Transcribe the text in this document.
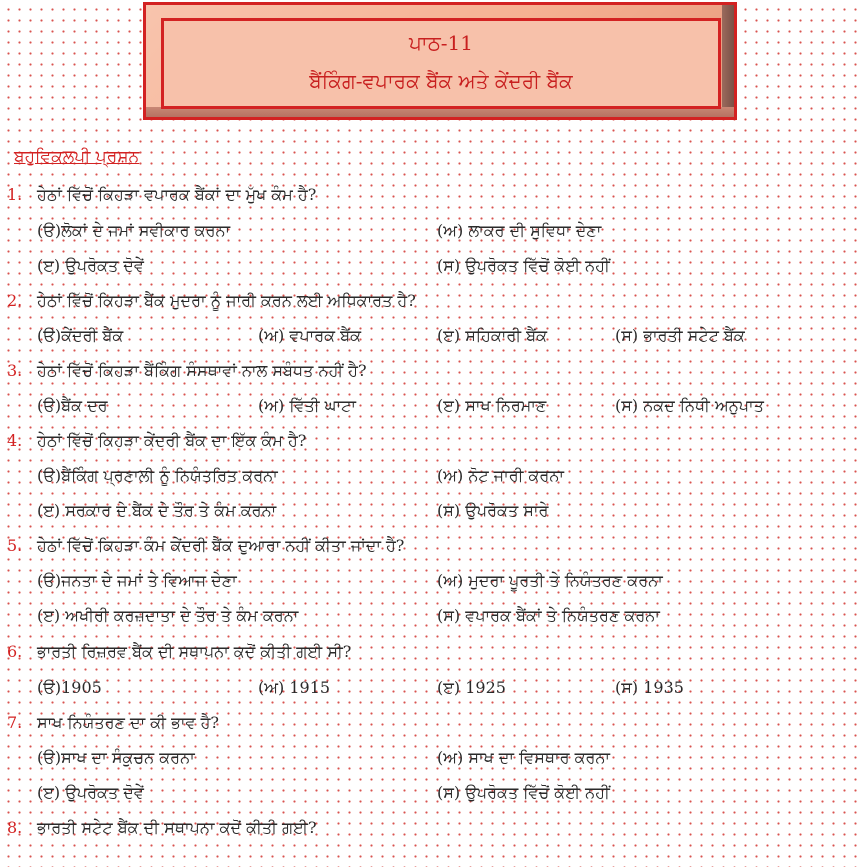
ਪਾਠ-11
ਬੈਂਕਿੰਗ-ਵਪਾਰਕ ਬੈਂਕ ਅਤੇ ਕੇਂਦਰੀ ਬੈਂਕ
ਬਹੁਵਿਕਲਪੀ ਪ੍ਰਸ਼ਨ
1. ਹੇਠਾਂ ਵਿੱਚੋਂ ਕਿਹੜਾ ਵਪਾਰਕ ਬੈਂਕਾਂ ਦਾ ਮੁੱਖ ਕੰਮ ਹੈ?
(ੳ)ਲੋਕਾਂ ਦੇ ਜਮਾਂ ਸਵੀਕਾਰ ਕਰਨਾ	(ਅ) ਲਾਕਰ ਦੀ ਸੁਵਿਧਾ ਦੇਣਾ
(ੲ) ਉਪਰੋਕਤ ਦੋਵੇਂ	(ਸ) ਉਪਰੋਕਤ ਵਿੱਚੋਂ ਕੋਈ ਨਹੀਂ
2. ਹੇਠਾਂ ਵਿੱਚੋਂ ਕਿਹੜਾ ਬੈਂਕ ਮੁਦਰਾ ਨੂੰ ਜਾਰੀ ਕਰਨ ਲਈ ਅਧਿਕਾਰਤ ਹੈ?
(ੳ)ਕੇਂਦਰੀ ਬੈਂਕ	(ਅ) ਵਪਾਰਕ ਬੈਂਕ	(ੲ) ਸਹਿਕਾਰੀ ਬੈਂਕ	(ਸ) ਭਾਰਤੀ ਸਟੇਟ ਬੈਂਕ
3. ਹੇਠਾਂ ਵਿੱਚੋਂ ਕਿਹੜਾ ਬੈਂਕਿੰਗ ਸੰਸਥਾਵਾਂ ਨਾਲ ਸਬੰਧਤ ਨਹੀਂ ਹੈ?
(ੳ)ਬੈਂਕ ਦਰ	(ਅ) ਵਿੱਤੀ ਘਾਟਾ	(ੲ) ਸਾਖ ਨਿਰਮਾਣ	(ਸ) ਨਕਦ ਨਿਧੀ ਅਨੁਪਾਤ
4. ਹੇਠਾਂ ਵਿੱਚੋਂ ਕਿਹੜਾ ਕੇਂਦਰੀ ਬੈਂਕ ਦਾ ਇੱਕ ਕੰਮ ਹੈ?
(ੳ)ਬੈਂਕਿੰਗ ਪ੍ਰਣਾਲੀ ਨੂੰ ਨਿਯੰਤਰਿਤ ਕਰਨਾ	(ਅ) ਨੋਟ ਜਾਰੀ ਕਰਨਾ
(ੲ) ਸਰਕਾਰ ਦੇ ਬੈਂਕ ਦੇ ਤੌਰ ਤੇ ਕੰਮ ਕਰਨਾ	(ਸ) ਉਪਰੋਕਤ ਸਾਰੇ
5. ਹੇਠਾਂ ਵਿੱਚੋਂ ਕਿਹੜਾ ਕੰਮ ਕੇਂਦਰੀ ਬੈਂਕ ਦੁਆਰਾ ਨਹੀਂ ਕੀਤਾ ਜਾਂਦਾ ਹੈ?
(ੳ)ਜਨਤਾ ਦੇ ਜਮਾਂ ਤੇ ਵਿਆਜ ਦੇਣਾ	(ਅ) ਮੁਦਰਾ ਪੂਰਤੀ ਤੇ ਨਿਯੰਤਰਣ ਕਰਨਾ
(ੲ) ਅਖੀਰੀ ਕਰਜ਼ਦਾਤਾ ਦੇ ਤੌਰ ਤੇ ਕੰਮ ਕਰਨਾ	(ਸ) ਵਪਾਰਕ ਬੈਂਕਾਂ ਤੇ ਨਿਯੰਤਰਣ ਕਰਨਾ
6. ਭਾਰਤੀ ਰਿਜ਼ਰਵ ਬੈਂਕ ਦੀ ਸਥਾਪਨਾ ਕਦੋਂ ਕੀਤੀ ਗਈ ਸੀ?
(ੳ)1905	(ਅ) 1915	(ੲ) 1925	(ਸ) 1935
7. ਸਾਖ ਨਿਯੰਤਰਣ ਦਾ ਕੀ ਭਾਵ ਹੈ?
(ੳ)ਸਾਖ ਦਾ ਸੰਕੁਚਨ ਕਰਨਾ	(ਅ) ਸਾਖ ਦਾ ਵਿਸਥਾਰ ਕਰਨਾ
(ੲ) ਉਪਰੋਕਤ ਦੋਵੇਂ	(ਸ) ਉਪਰੋਕਤ ਵਿੱਚੋਂ ਕੋਈ ਨਹੀਂ
8. ਭਾਰਤੀ ਸਟੇਟ ਬੈਂਕ ਦੀ ਸਥਾਪਨਾ ਕਦੋਂ ਕੀਤੀ ਗਈ?
